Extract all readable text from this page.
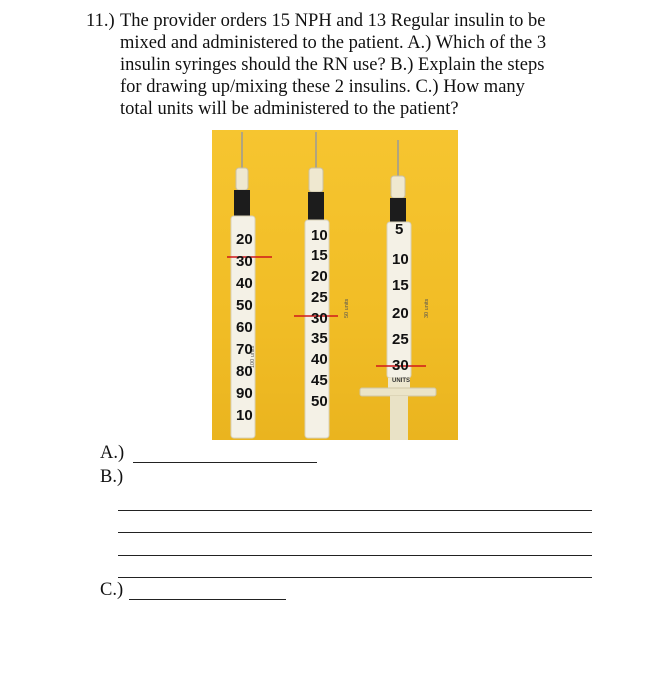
11.) The provider orders 15 NPH and 13 Regular insulin to be
mixed and administered to the patient. A.) Which of the 3
insulin syringes should the RN use? B.) Explain the steps
for drawing up/mixing these 2 insulins. C.) How many
total units will be administered to the patient?
100 units
20
30
40
50
60
70
80
90
10
50 units
10
15
20
25
30
35
40
45
50
30 units
5
10
15
20
25
30
UNITS
A.)
B.)
C.)
